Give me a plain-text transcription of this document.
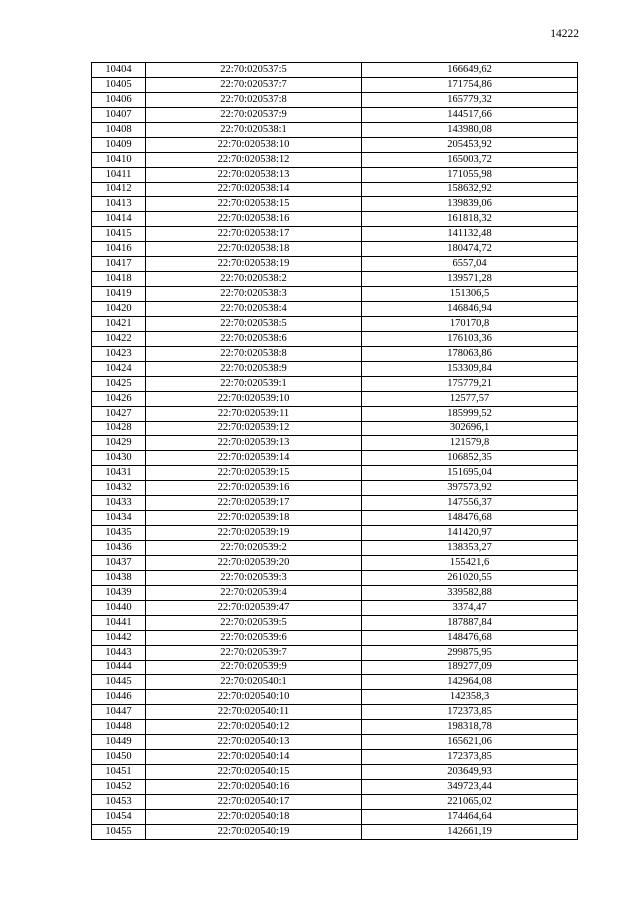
14222
10404	22:70:020537:5	166649,62
10405	22:70:020537:7	171754,86
10406	22:70:020537:8	165779,32
10407	22:70:020537:9	144517,66
10408	22:70:020538:1	143980,08
10409	22:70:020538:10	205453,92
10410	22:70:020538:12	165003,72
10411	22:70:020538:13	171055,98
10412	22:70:020538:14	158632,92
10413	22:70:020538:15	139839,06
10414	22:70:020538:16	161818,32
10415	22:70:020538:17	141132,48
10416	22:70:020538:18	180474,72
10417	22:70:020538:19	6557,04
10418	22:70:020538:2	139571,28
10419	22:70:020538:3	151306,5
10420	22:70:020538:4	146846,94
10421	22:70:020538:5	170170,8
10422	22:70:020538:6	176103,36
10423	22:70:020538:8	178063,86
10424	22:70:020538:9	153309,84
10425	22:70:020539:1	175779,21
10426	22:70:020539:10	12577,57
10427	22:70:020539:11	185999,52
10428	22:70:020539:12	302696,1
10429	22:70:020539:13	121579,8
10430	22:70:020539:14	106852,35
10431	22:70:020539:15	151695,04
10432	22:70:020539:16	397573,92
10433	22:70:020539:17	147556,37
10434	22:70:020539:18	148476,68
10435	22:70:020539:19	141420,97
10436	22:70:020539:2	138353,27
10437	22:70:020539:20	155421,6
10438	22:70:020539:3	261020,55
10439	22:70:020539:4	339582,88
10440	22:70:020539:47	3374,47
10441	22:70:020539:5	187887,84
10442	22:70:020539:6	148476,68
10443	22:70:020539:7	299875,95
10444	22:70:020539:9	189277,09
10445	22:70:020540:1	142964,08
10446	22:70:020540:10	142358,3
10447	22:70:020540:11	172373,85
10448	22:70:020540:12	198318,78
10449	22:70:020540:13	165621,06
10450	22:70:020540:14	172373,85
10451	22:70:020540:15	203649,93
10452	22:70:020540:16	349723,44
10453	22:70:020540:17	221065,02
10454	22:70:020540:18	174464,64
10455	22:70:020540:19	142661,19
